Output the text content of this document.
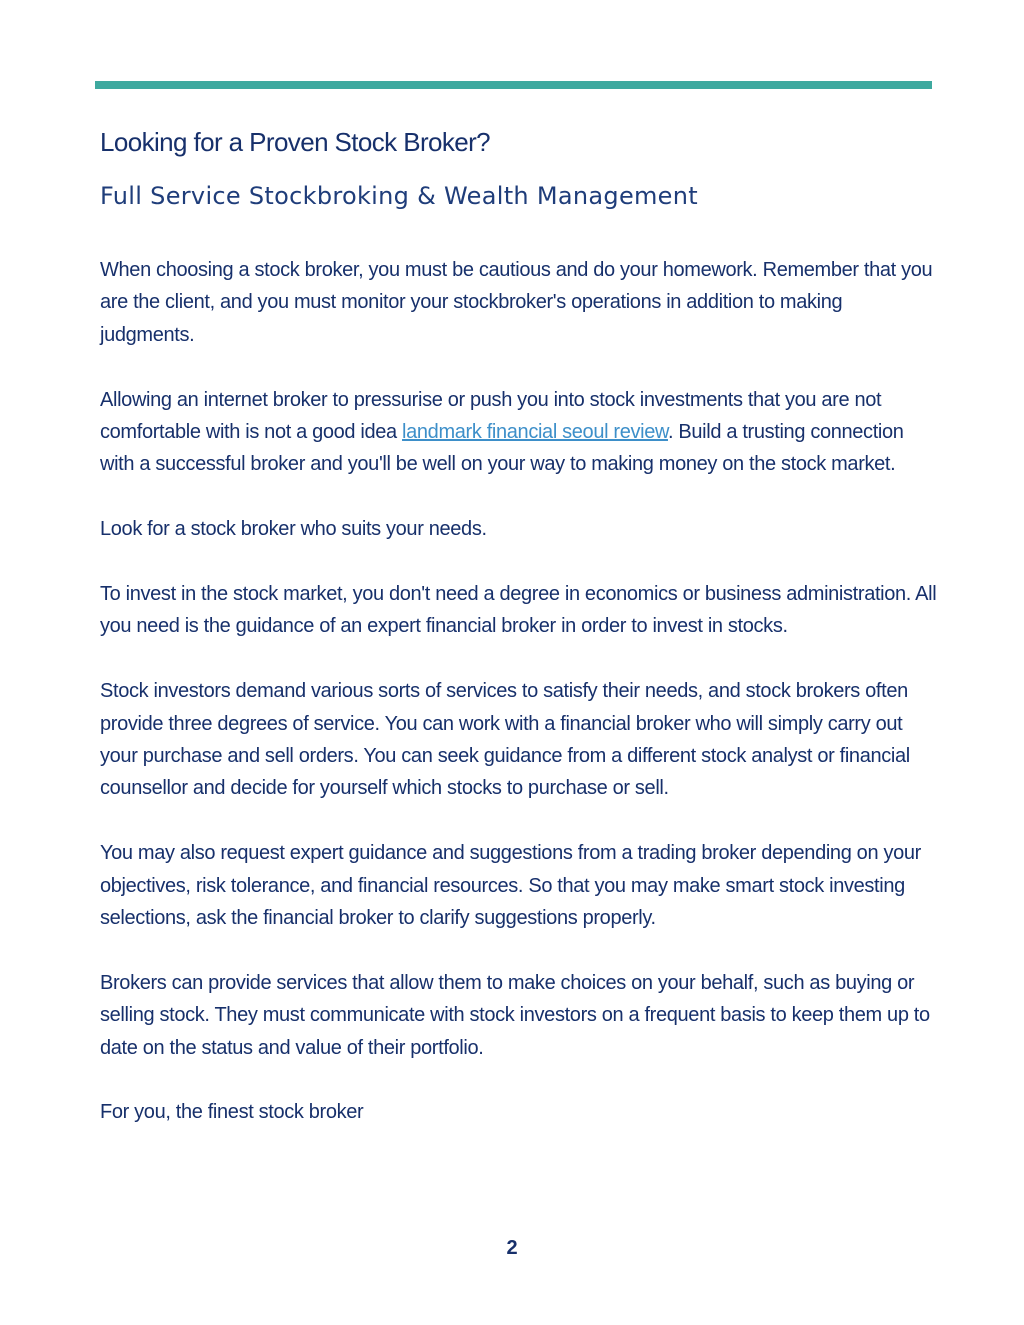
Looking for a Proven Stock Broker?
Full Service Stockbroking & Wealth Management

When choosing a stock broker, you must be cautious and do your homework. Remember that you are the client, and you must monitor your stockbroker's operations in addition to making judgments.

Allowing an internet broker to pressurise or push you into stock investments that you are not comfortable with is not a good idea landmark financial seoul review. Build a trusting connection with a successful broker and you'll be well on your way to making money on the stock market.

Look for a stock broker who suits your needs.

To invest in the stock market, you don't need a degree in economics or business administration. All you need is the guidance of an expert financial broker in order to invest in stocks.

Stock investors demand various sorts of services to satisfy their needs, and stock brokers often provide three degrees of service. You can work with a financial broker who will simply carry out your purchase and sell orders. You can seek guidance from a different stock analyst or financial counsellor and decide for yourself which stocks to purchase or sell.

You may also request expert guidance and suggestions from a trading broker depending on your objectives, risk tolerance, and financial resources. So that you may make smart stock investing selections, ask the financial broker to clarify suggestions properly.

Brokers can provide services that allow them to make choices on your behalf, such as buying or selling stock. They must communicate with stock investors on a frequent basis to keep them up to date on the status and value of their portfolio.

For you, the finest stock broker

2
